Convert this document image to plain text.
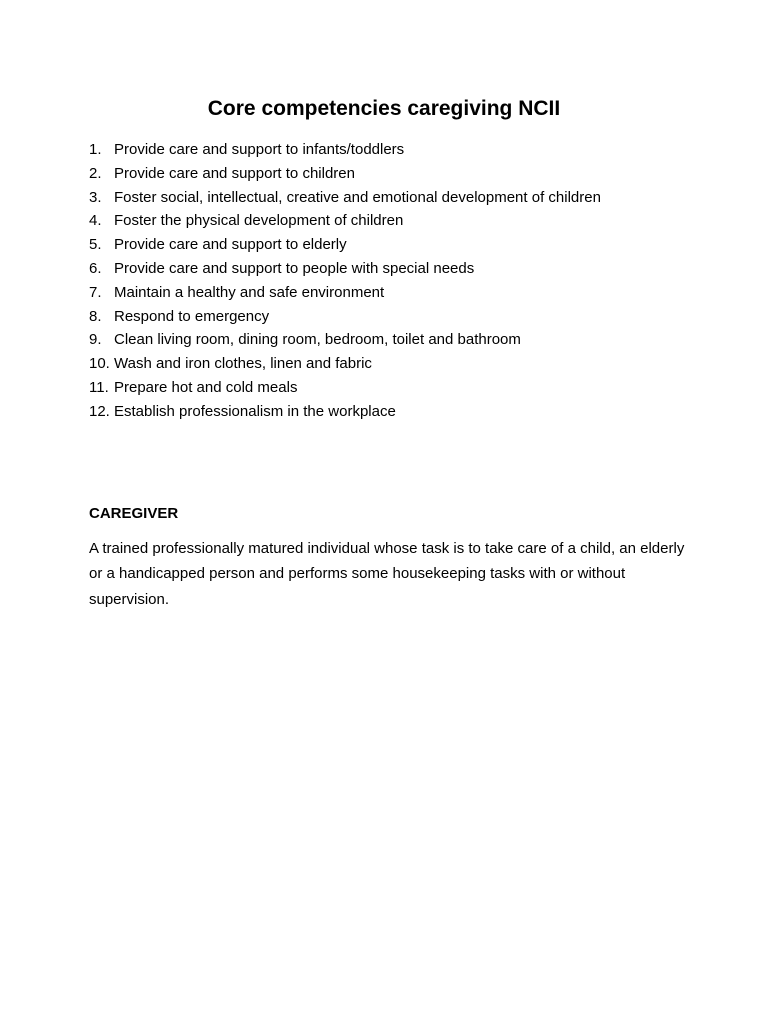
Core competencies caregiving NCII
1. Provide care and support to infants/toddlers
2. Provide care and support to children
3. Foster social, intellectual, creative and emotional development of children
4. Foster the physical development of children
5. Provide care and support to elderly
6. Provide care and support to people with special needs
7. Maintain a healthy and safe environment
8. Respond to emergency
9. Clean living room, dining room, bedroom, toilet and bathroom
10. Wash and iron clothes, linen and fabric
11. Prepare hot and cold meals
12. Establish professionalism in the workplace
CAREGIVER

A trained professionally matured individual whose task is to take care of a child, an elderly or a handicapped person and performs some housekeeping tasks with or without supervision.
